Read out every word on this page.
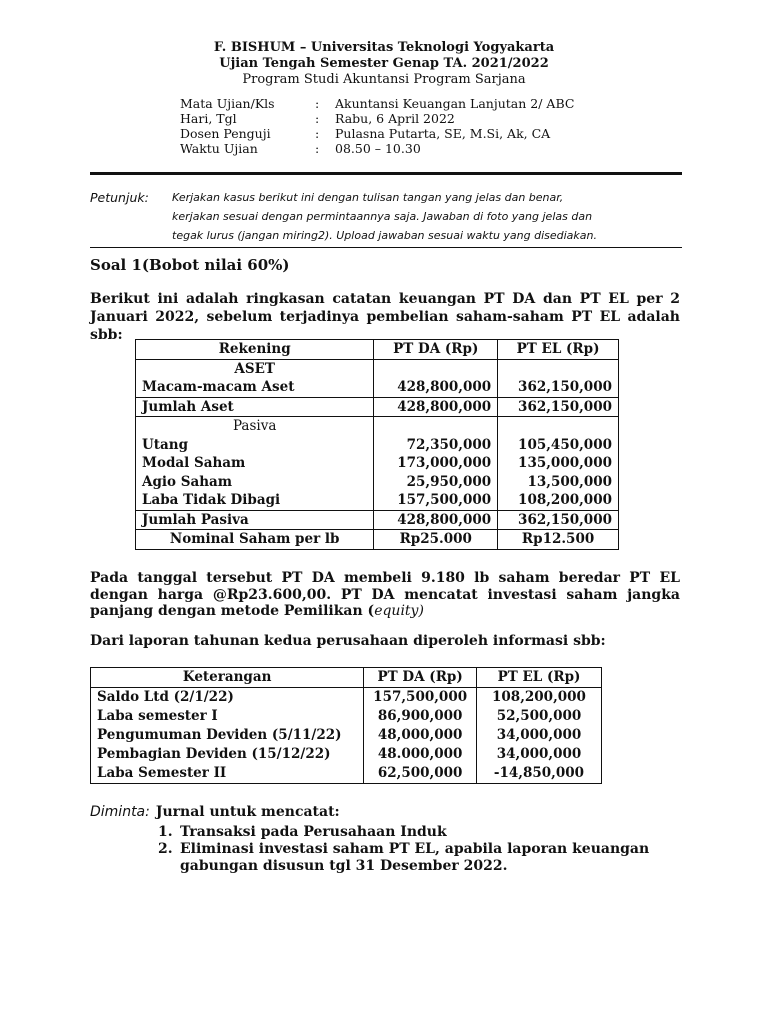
F. BISHUM – Universitas Teknologi Yogyakarta
Ujian Tengah Semester Genap TA. 2021/2022
Program Studi Akuntansi Program Sarjana
Mata Ujian/Kls	:	Akuntansi Keuangan Lanjutan 2/ ABC
Hari, Tgl	:	Rabu, 6 April 2022
Dosen Penguji	:	Pulasna Putarta, SE, M.Si, Ak, CA
Waktu Ujian	:	08.50 – 10.30
Petunjuk: Kerjakan kasus berikut ini dengan tulisan tangan yang jelas dan benar,
kerjakan sesuai dengan permintaannya saja. Jawaban di foto yang jelas dan
tegak lurus (jangan miring2). Upload jawaban sesuai waktu yang disediakan.
Soal 1(Bobot nilai 60%)
Berikut ini adalah ringkasan catatan keuangan PT DA dan PT EL per 2 Januari 2022, sebelum terjadinya pembelian saham-saham PT EL adalah sbb:
Rekening	PT DA (Rp)	PT EL (Rp)
ASET		
Macam-macam Aset	428,800,000	362,150,000
Jumlah Aset	428,800,000	362,150,000
Pasiva		
Utang	72,350,000	105,450,000
Modal Saham	173,000,000	135,000,000
Agio Saham	25,950,000	13,500,000
Laba Tidak Dibagi	157,500,000	108,200,000
Jumlah Pasiva	428,800,000	362,150,000
Nominal Saham per lb	Rp25.000	Rp12.500
Pada tanggal tersebut PT DA membeli 9.180 lb saham beredar PT EL dengan harga @Rp23.600,00. PT DA mencatat investasi saham jangka panjang dengan metode Pemilikan (equity)
Dari laporan tahunan kedua perusahaan diperoleh informasi sbb:
Keterangan	PT DA (Rp)	PT EL (Rp)
Saldo Ltd (2/1/22)	157,500,000	108,200,000
Laba semester I	86,900,000	52,500,000
Pengumuman Deviden (5/11/22)	48,000,000	34,000,000
Pembagian Deviden (15/12/22)	48.000,000	34,000,000
Laba Semester II	62,500,000	-14,850,000
Diminta: Jurnal untuk mencatat:
1. Transaksi pada Perusahaan Induk
2. Eliminasi investasi saham PT EL, apabila laporan keuangan gabungan disusun tgl 31 Desember 2022.
